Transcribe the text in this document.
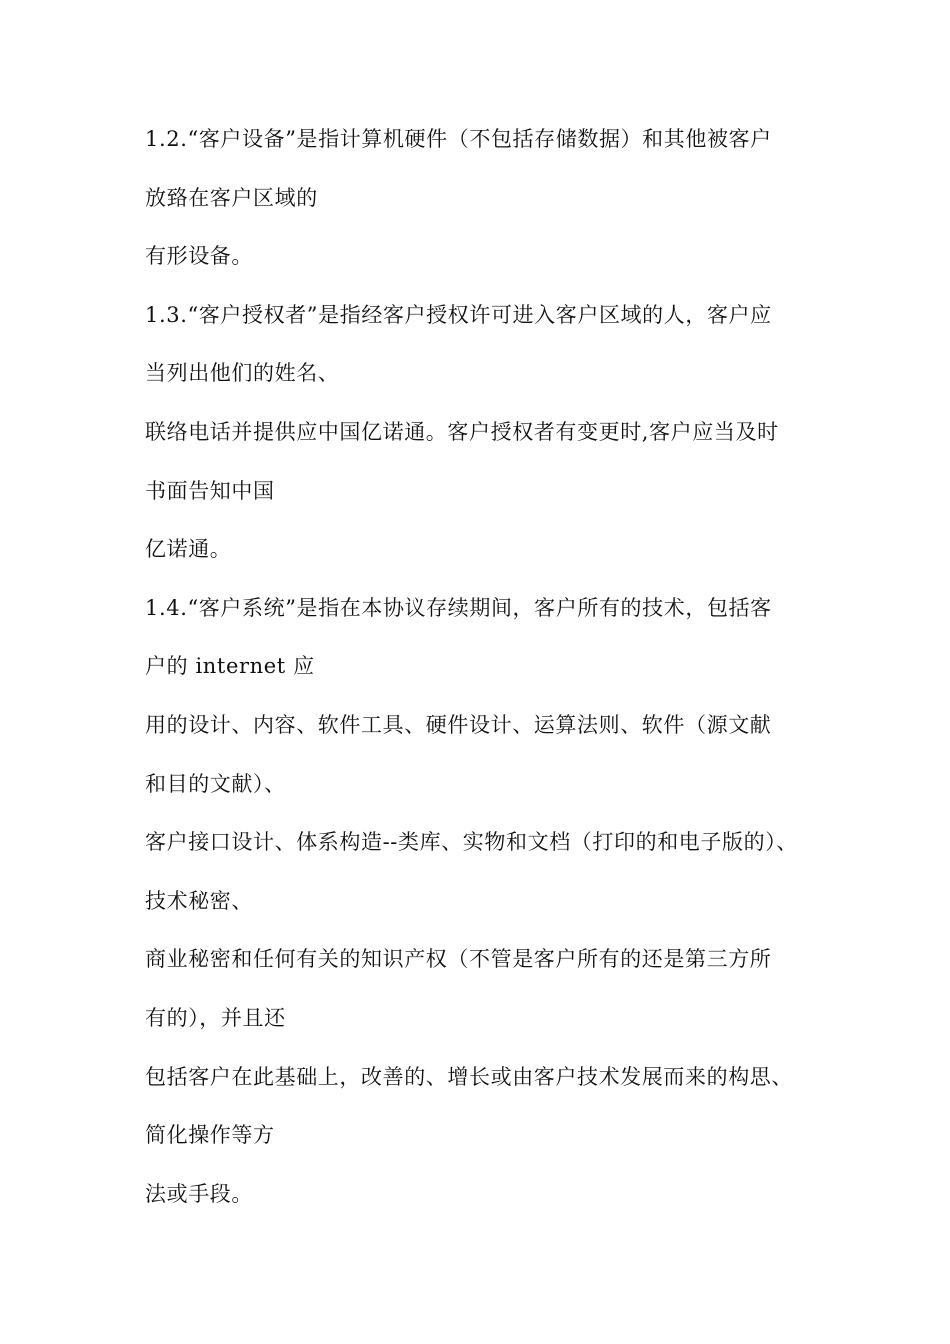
1.2.“客户设备”是指计算机硬件（不包括存储数据）和其他被客户
放臵在客户区域的
有形设备。
1.3.“客户授权者”是指经客户授权许可进入客户区域的人，客户应
当列出他们的姓名、
联络电话并提供应中国亿诺通。客户授权者有变更时,客户应当及时
书面告知中国
亿诺通。
1.4.“客户系统”是指在本协议存续期间，客户所有的技术，包括客
户的 internet 应
用的设计、内容、软件工具、硬件设计、运算法则、软件（源文献
和目的文献）、
客户接口设计、体系构造--类库、实物和文档（打印的和电子版的）、
技术秘密、
商业秘密和任何有关的知识产权（不管是客户所有的还是第三方所
有的），并且还
包括客户在此基础上，改善的、增长或由客户技术发展而来的构思、
简化操作等方
法或手段。
